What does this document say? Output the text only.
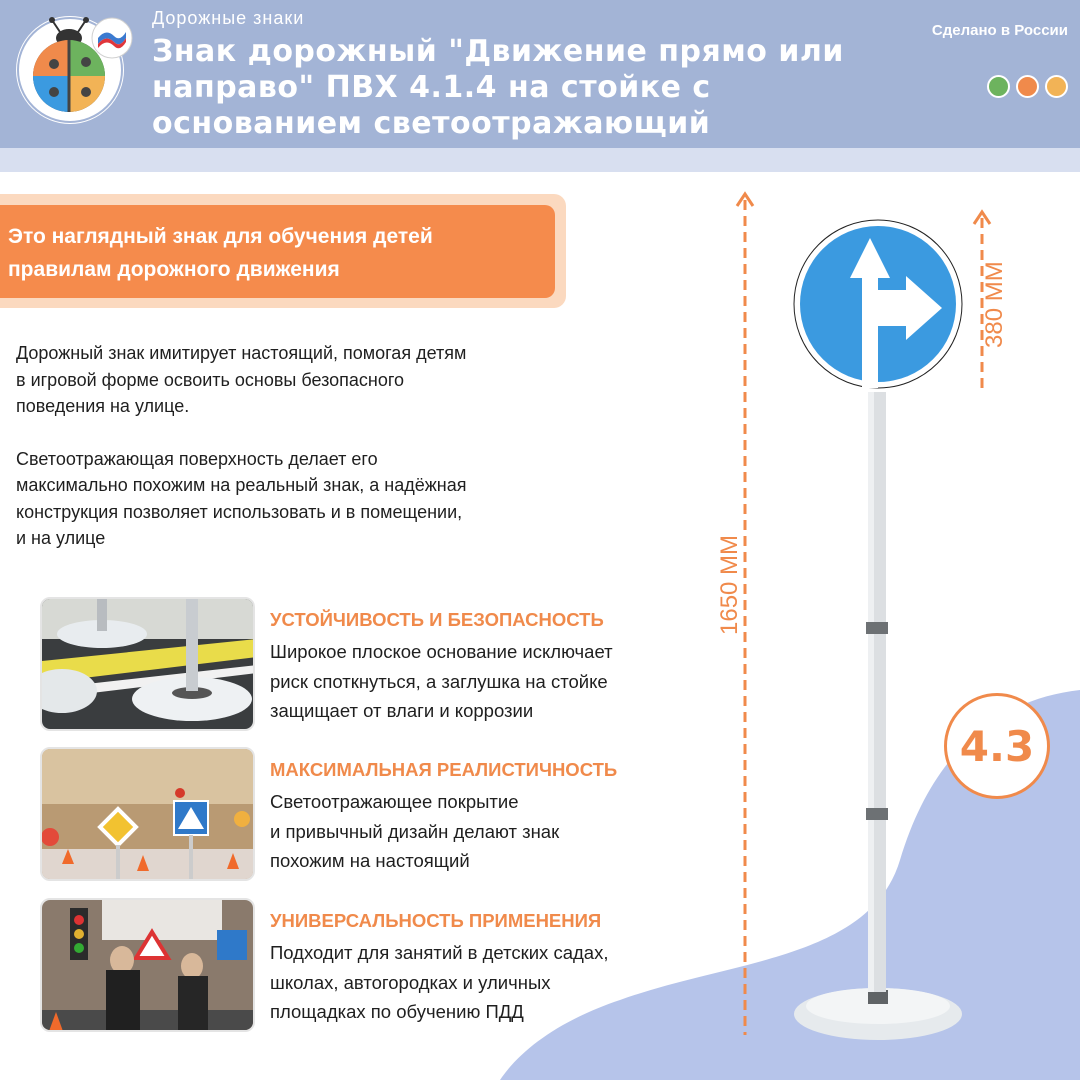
Дорожные знаки
Знак дорожный "Движение прямо или
направо" ПВХ 4.1.4 на стойке с
основанием светоотражающий
Сделано в России
Это наглядный знак для обучения детей
правилам дорожного движения
Дорожный знак имитирует настоящий, помогая детям
в игровой форме освоить основы безопасного
поведения на улице.
Светоотражающая поверхность делает его
максимально похожим на реальный знак, а надёжная
конструкция позволяет использовать и в помещении,
и на улице
УСТОЙЧИВОСТЬ И БЕЗОПАСНОСТЬ
Широкое плоское основание исключает
риск споткнуться, а заглушка на стойке
защищает от влаги и коррозии
МАКСИМАЛЬНАЯ РЕАЛИСТИЧНОСТЬ
Светоотражающее покрытие
и привычный дизайн делают знак
похожим на настоящий
УНИВЕРСАЛЬНОСТЬ ПРИМЕНЕНИЯ
Подходит для занятий в детских садах,
школах, автогородках и уличных
площадках по обучению ПДД
1650 ММ
380 ММ
4.3
